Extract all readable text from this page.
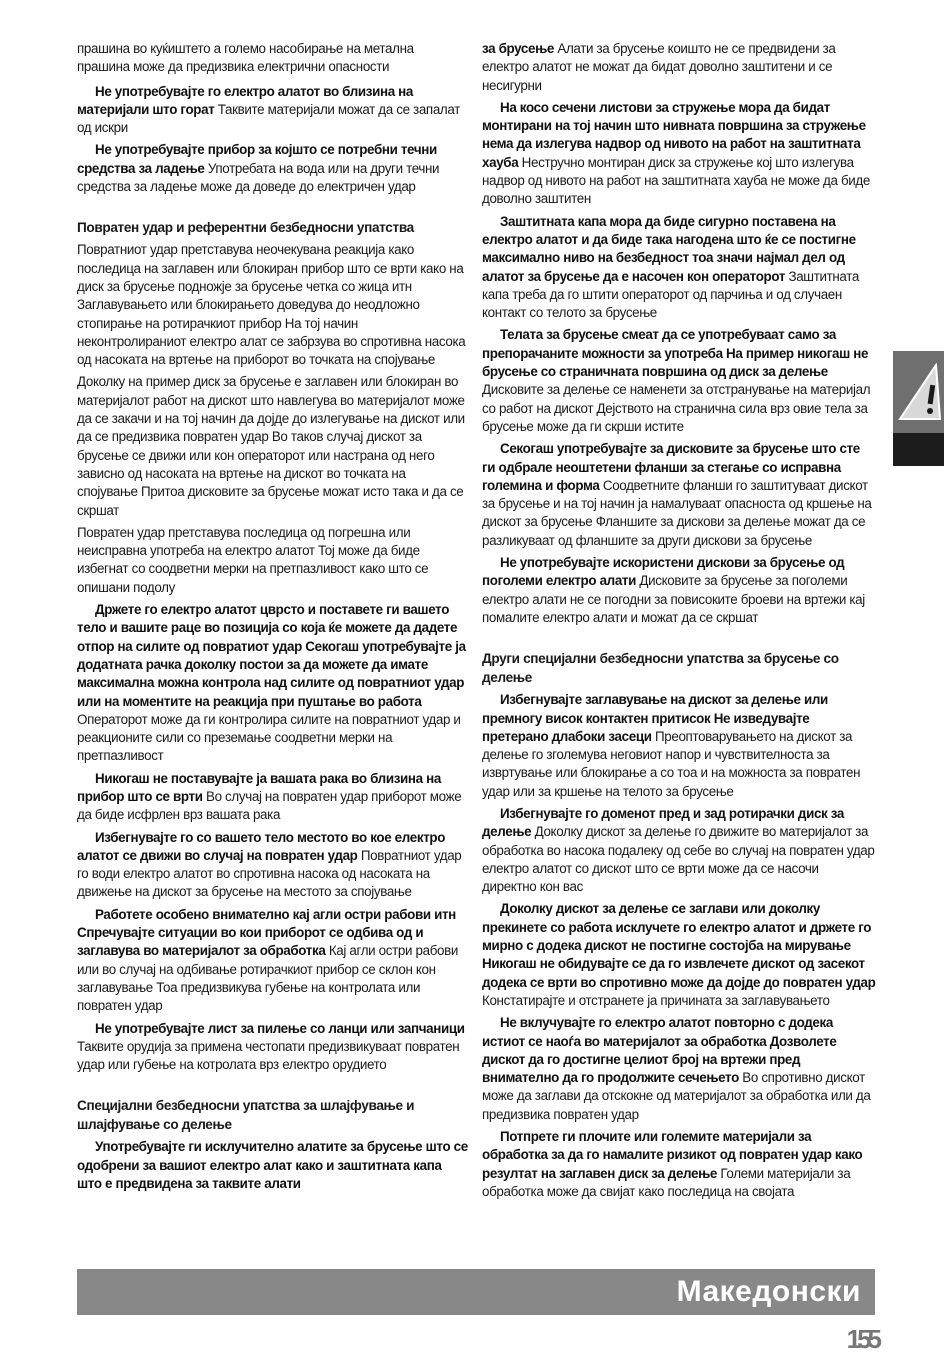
прашина во куќиштето а големо насобирање на метална прашина може да предизвика електрични опасности

Не употребувајте го електро алатот во близина на материјали што горат Таквите материјали можат да се запалат од искри

Не употребувајте прибор за којшто се потребни течни средства за ладење Употребата на вода или на други течни средства за ладење може да доведе до електричен удар

Повратен удар и референтни безбедносни упатства

Повратниот удар претставува неочекувана реакција како последица на заглавен или блокиран прибор што се врти како на диск за брусење подножје за брусење четка со жица итн Заглавувањето или блокирањето доведува до неодложно стопирање на ротирачкиот прибор На тој начин неконтролираниот електро алат се забрзува во спротивна насока од насоката на вртење на приборот во точката на спојување

Доколку на пример диск за брусење е заглавен или блокиран во материјалот работ на дискот што навлегува во материјалот може да се закачи и на тој начин да дојде до излегување на дискот или да се предизвика повратен удар Во таков случај дискот за брусење се движи или кон операторот или настрана од него зависно од насоката на вртење на дискот во точката на спојување Притоа дисковите за брусење можат исто така и да се скршат

Повратен удар претставува последица од погрешна или неисправна употреба на електро алатот Тој може да биде избегнат со соодветни мерки на претпазливост како што се опишани подолу

Држете го електро алатот цврсто и поставете ги вашето тело и вашите раце во позиција со која ќе можете да дадете отпор на силите од повратиот удар Секогаш употребувајте ја додатната рачка доколку постои за да можете да имате максимална можна контрола над силите од повратниот удар или на моментите на реакција при пуштање во работа Операторот може да ги контролира силите на повратниот удар и реакционите сили со преземање соодветни мерки на претпазливост

Никогаш не поставувајте ја вашата рака во близина на прибор што се врти Во случај на повратен удар приборот може да биде исфрлен врз вашата рака

Избегнувајте го со вашето тело местото во кое електро алатот се движи во случај на повратен удар Повратниот удар го води електро алатот во спротивна насока од насоката на движење на дискот за брусење на местото за спојување

Работете особено внимателно кај агли остри рабови итн Спречувајте ситуации во кои приборот се одбива од и заглавува во материјалот за обработка Кај агли остри рабови или во случај на одбивање ротирачкиот прибор се склон кон заглавување Тоа предизвикува губење на контролата или повратен удар

Не употребувајте лист за пилење со ланци или запчаници Таквите орудија за примена честопати предизвикуваат повратен удар или губење на котролата врз електро орудието

Специјални безбедносни упатства за шлајфување и шлајфување со делење

Употребувајте ги исклучително алатите за брусење што се одобрени за вашиот електро алат како и заштитната капа што е предвидена за таквите алати

за брусење Алати за брусење коишто не се предвидени за електро алатот не можат да бидат доволно заштитени и се несигурни

На косо сечени листови за стружење мора да бидат монтирани на тој начин што нивната површина за стружење нема да излегува надвор од нивото на работ на заштитната хауба Нестручно монтиран диск за стружење кој што излегува надвор од нивото на работ на заштитната хауба не може да биде доволно заштитен

Заштитната капа мора да биде сигурно поставена на електро алатот и да биде така нагодена што ќе се постигне максимално ниво на безбедност тоа значи најмал дел од алатот за брусење да е насочен кон операторот Заштитната капа треба да го штити операторот од парчиња и од случаен контакт со телото за брусење

Телата за брусење смеат да се употребуваат само за препорачаните можности за употреба На пример никогаш не брусење со страничната површина од диск за делење Дисковите за делење се наменети за отстранување на материјал со работ на дискот Дејството на странична сила врз овие тела за брусење може да ги скрши истите

Секогаш употребувајте за дисковите за брусење што сте ги одбрале неоштетени фланши за стегање со исправна големина и форма Соодветните фланши го заштитуваат дискот за брусење и на тој начин ја намалуваат опасноста од кршење на дискот за брусење Фланшите за дискови за делење можат да се разликуваат од фланшите за други дискови за брусење

Не употребувајте искористени дискови за брусење од поголеми електро алати Дисковите за брусење за поголеми електро алати не се погодни за повисоките броеви на вртежи кај помалите електро алати и можат да се скршат

Други специјални безбедносни упатства за брусење со делење

Избегнувајте заглавување на дискот за делење или премногу висок контактен притисок Не изведувајте претерано длабоки засеци Преоптоварувањето на дискот за делење го зголемува неговиот напор и чувствителноста за извртување или блокирање а со тоа и на можноста за повратен удар или за кршење на телото за брусење

Избегнувајте го доменот пред и зад ротирачки диск за делење Доколку дискот за делење го движите во материјалот за обработка во насока подалеку од себе во случај на повратен удар електро алатот со дискот што се врти може да се насочи директно кон вас

Доколку дискот за делење се заглави или доколку прекинете со работа исклучете го електро алатот и држете го мирно с додека дискот не постигне состојба на мирување Никогаш не обидувајте се да го извлечете дискот од засекот додека се врти во спротивно може да дојде до повратен удар Констатирајте и отстранете ја причината за заглавувањето

Не вклучувајте го електро алатот повторно с додека истиот се наоѓа во материјалот за обработка Дозволете дискот да го достигне целиот број на вртежи пред внимателно да го продолжите сечењето Во спротивно дискот може да заглави да отскокне од материјалот за обработка или да предизвика повратен удар

Потпрете ги плочите или големите материјали за обработка за да го намалите ризикот од повратен удар како резултат на заглавен диск за делење Големи материјали за обработка може да свијат како последица на својата

Македонски
155
